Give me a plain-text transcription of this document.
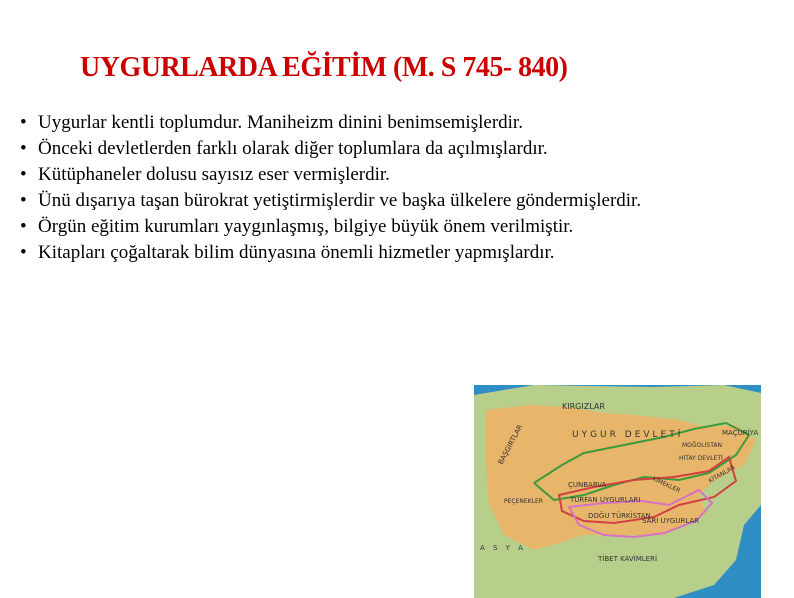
UYGURLARDA EĞİTİM (M. S 745- 840)
• Uygurlar kentli toplumdur. Maniheizm dinini benimsemişlerdir.
• Önceki devletlerden farklı olarak diğer toplumlara da açılmışlardır.
• Kütüphaneler dolusu sayısız eser vermişlerdir.
• Ünü dışarıya taşan bürokrat yetiştirmişlerdir ve başka ülkelere göndermişlerdir.
• Örgün eğitim kurumları yaygınlaşmış, bilgiye büyük önem verilmiştir.
• Kitapları çoğaltarak bilim dünyasına önemli hizmetler yapmışlardır.
KIRGIZLAR
UYGUR DEVLETİ	MAÇURİYA
MOĞOLİSTAN
HİTAY DEVLETİ
BAŞGIRTLAR
ÇUNBARVA
TURFAN UYGURLARI
KİMEKLER
KİTANLAR
PEÇENEKLER
DOĞU TÜRKİSTAN
SARI UYGURLAR
A S Y A
TİBET KAVİMLERİ
